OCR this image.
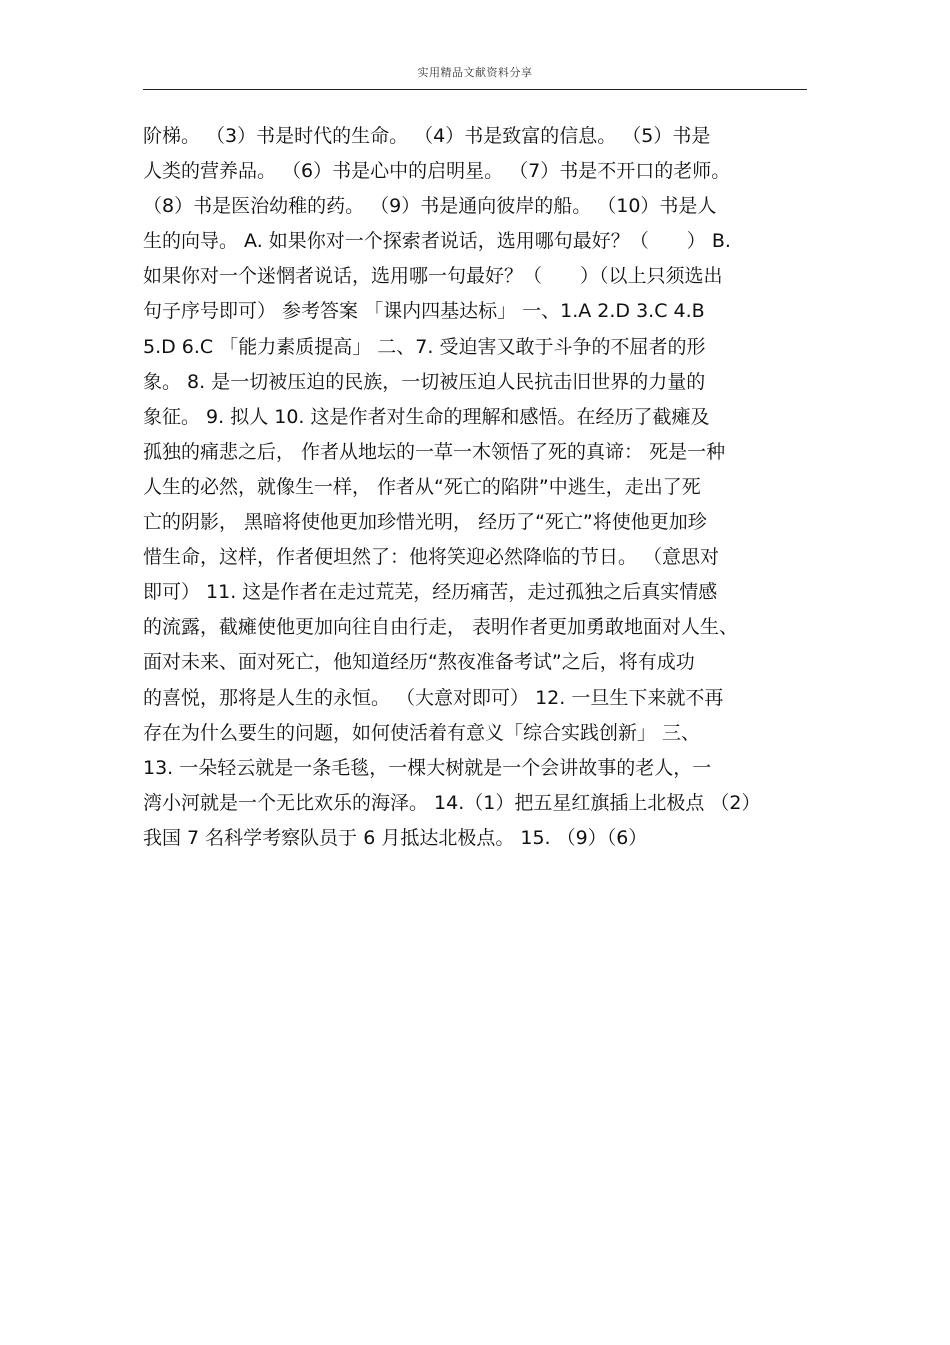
实用精品文献资料分享
阶梯。 （3）书是时代的生命。 （4）书是致富的信息。 （5）书是
人类的营养品。 （6）书是心中的启明星。 （7）书是不开口的老师。
（8）书是医治幼稚的药。 （9）书是通向彼岸的船。 （10）书是人
生的向导。 A. 如果你对一个探索者说话，选用哪句最好？（　　） B.
如果你对一个迷惘者说话，选用哪一句最好？（　　）（以上只须选出
句子序号即可） 参考答案 「课内四基达标」 一、1.A 2.D 3.C 4.B
5.D 6.C 「能力素质提高」 二、7. 受迫害又敢于斗争的不屈者的形
象。 8. 是一切被压迫的民族，一切被压迫人民抗击旧世界的力量的
象征。 9. 拟人 10. 这是作者对生命的理解和感悟。在经历了截瘫及
孤独的痛悲之后， 作者从地坛的一草一木领悟了死的真谛： 死是一种
人生的必然，就像生一样， 作者从“死亡的陷阱”中逃生，走出了死
亡的阴影， 黑暗将使他更加珍惜光明， 经历了“死亡”将使他更加珍
惜生命，这样，作者便坦然了：他将笑迎必然降临的节日。 （意思对
即可） 11. 这是作者在走过荒芜，经历痛苦，走过孤独之后真实情感
的流露，截瘫使他更加向往自由行走， 表明作者更加勇敢地面对人生、
面对未来、面对死亡，他知道经历“熬夜准备考试”之后，将有成功
的喜悦，那将是人生的永恒。 （大意对即可） 12. 一旦生下来就不再
存在为什么要生的问题，如何使活着有意义「综合实践创新」 三、
13. 一朵轻云就是一条毛毯，一棵大树就是一个会讲故事的老人，一
湾小河就是一个无比欢乐的海泽。 14.（1）把五星红旗插上北极点 （2）
我国 7 名科学考察队员于 6 月抵达北极点。 15. （9）（6）
